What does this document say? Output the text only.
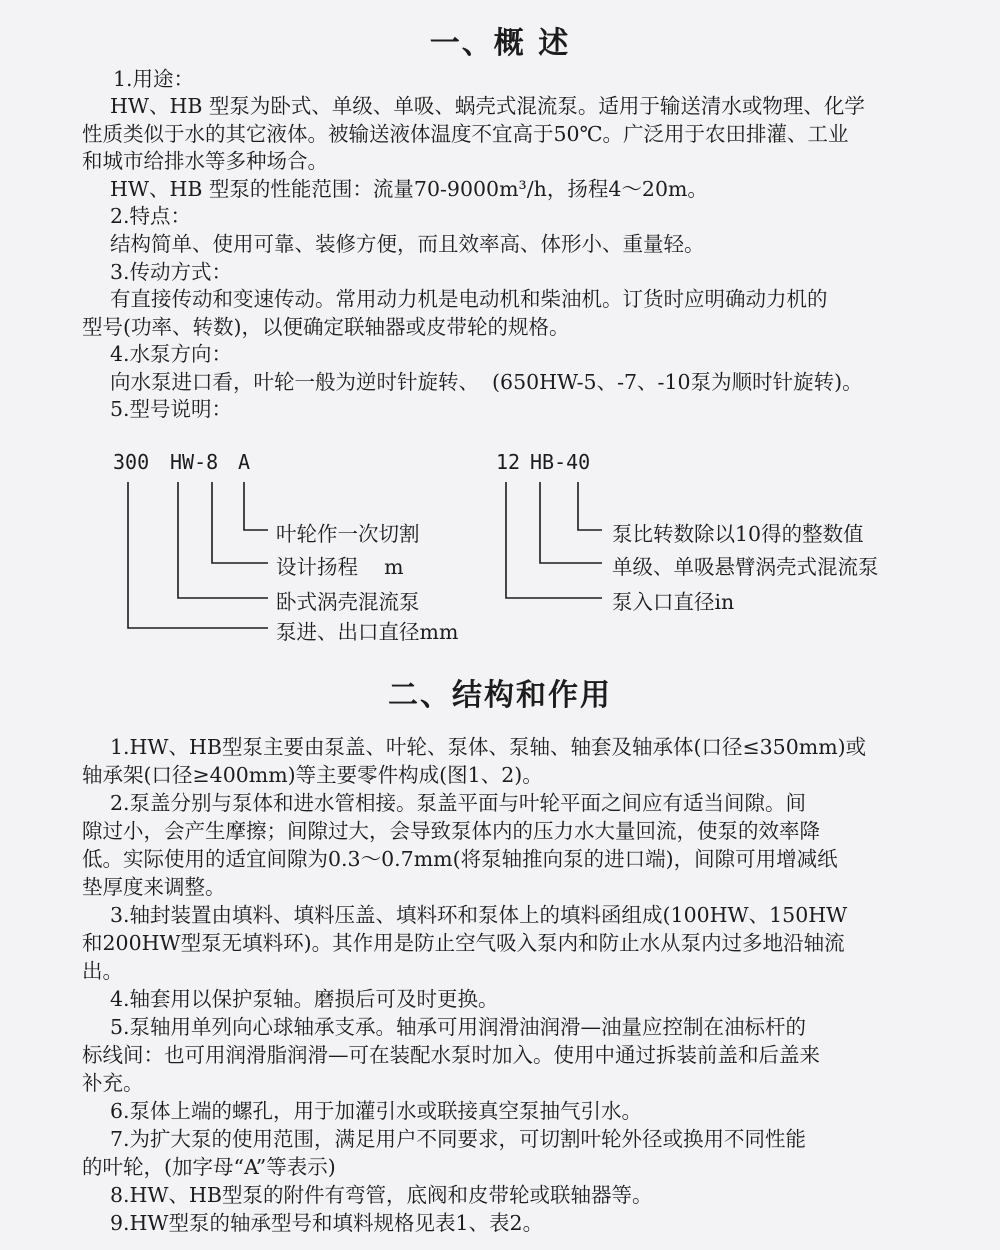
一、概 述
1.用途：
HW、HB 型泵为卧式、单级、单吸、蜗壳式混流泵。适用于输送清水或物理、化学
性质类似于水的其它液体。被输送液体温度不宜高于50℃。广泛用于农田排灌、工业
和城市给排水等多种场合。
HW、HB 型泵的性能范围：流量70-9000m³/h，扬程4～20m。
2.特点：
结构简单、使用可靠、装修方便，而且效率高、体形小、重量轻。
3.传动方式：
有直接传动和变速传动。常用动力机是电动机和柴油机。订货时应明确动力机的
型号(功率、转数)，以便确定联轴器或皮带轮的规格。
4.水泵方向：
向水泵进口看，叶轮一般为逆时针旋转、  (650HW-5、-7、-10泵为顺时针旋转)。
5.型号说明：
300 HW-8 A
叶轮作一次切割
设计扬程    m
卧式涡壳混流泵
泵进、出口直径mm
12 HB-40
泵比转数除以10得的整数值
单级、单吸悬臂涡壳式混流泵
泵入口直径in
二、结构和作用
1.HW、HB型泵主要由泵盖、叶轮、泵体、泵轴、轴套及轴承体(口径≤350mm)或
轴承架(口径≥400mm)等主要零件构成(图1、2)。
2.泵盖分别与泵体和进水管相接。泵盖平面与叶轮平面之间应有适当间隙。间
隙过小，会产生摩擦；间隙过大，会导致泵体内的压力水大量回流，使泵的效率降
低。实际使用的适宜间隙为0.3～0.7mm(将泵轴推向泵的进口端)，间隙可用增减纸
垫厚度来调整。
3.轴封装置由填料、填料压盖、填料环和泵体上的填料函组成(100HW、150HW
和200HW型泵无填料环)。其作用是防止空气吸入泵内和防止水从泵内过多地沿轴流
出。
4.轴套用以保护泵轴。磨损后可及时更换。
5.泵轴用单列向心球轴承支承。轴承可用润滑油润滑—油量应控制在油标杆的
标线间：也可用润滑脂润滑—可在装配水泵时加入。使用中通过拆装前盖和后盖来
补充。
6.泵体上端的螺孔，用于加灌引水或联接真空泵抽气引水。
7.为扩大泵的使用范围，满足用户不同要求，可切割叶轮外径或换用不同性能
的叶轮，(加字母“A”等表示)
8.HW、HB型泵的附件有弯管，底阀和皮带轮或联轴器等。
9.HW型泵的轴承型号和填料规格见表1、表2。
